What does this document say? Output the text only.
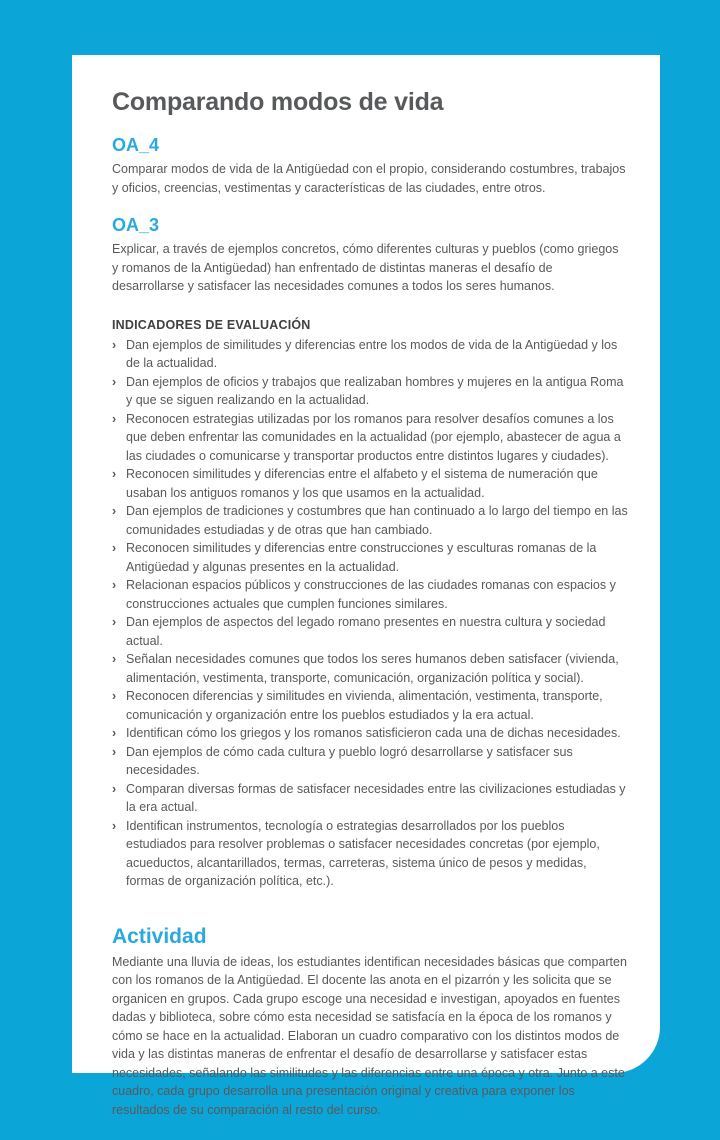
Comparando modos de vida
OA_4

Comparar modos de vida de la Antigüedad con el propio, considerando costumbres, trabajos y oficios, creencias, vestimentas y características de las ciudades, entre otros.

OA_3

Explicar, a través de ejemplos concretos, cómo diferentes culturas y pueblos (como griegos y romanos de la Antigüedad) han enfrentado de distintas maneras el desafío de desarrollarse y satisfacer las necesidades comunes a todos los seres humanos.

INDICADORES DE EVALUACIÓN
› Dan ejemplos de similitudes y diferencias entre los modos de vida de la Antigüedad y los de la actualidad.
› Dan ejemplos de oficios y trabajos que realizaban hombres y mujeres en la antigua Roma y que se siguen realizando en la actualidad.
› Reconocen estrategias utilizadas por los romanos para resolver desafíos comunes a los que deben enfrentar las comunidades en la actualidad (por ejemplo, abastecer de agua a las ciudades o comunicarse y transportar productos entre distintos lugares y ciudades).
› Reconocen similitudes y diferencias entre el alfabeto y el sistema de numeración que usaban los antiguos romanos y los que usamos en la actualidad.
› Dan ejemplos de tradiciones y costumbres que han continuado a lo largo del tiempo en las comunidades estudiadas y de otras que han cambiado.
› Reconocen similitudes y diferencias entre construcciones y esculturas romanas de la Antigüedad y algunas presentes en la actualidad.
› Relacionan espacios públicos y construcciones de las ciudades romanas con espacios y construcciones actuales que cumplen funciones similares.
› Dan ejemplos de aspectos del legado romano presentes en nuestra cultura y sociedad actual.
› Señalan necesidades comunes que todos los seres humanos deben satisfacer (vivienda, alimentación, vestimenta, transporte, comunicación, organización política y social).
› Reconocen diferencias y similitudes en vivienda, alimentación, vestimenta, transporte, comunicación y organización entre los pueblos estudiados y la era actual.
› Identifican cómo los griegos y los romanos satisficieron cada una de dichas necesidades.
› Dan ejemplos de cómo cada cultura y pueblo logró desarrollarse y satisfacer sus necesidades.
› Comparan diversas formas de satisfacer necesidades entre las civilizaciones estudiadas y la era actual.
› Identifican instrumentos, tecnología o estrategias desarrollados por los pueblos estudiados para resolver problemas o satisfacer necesidades concretas (por ejemplo, acueductos, alcantarillados, termas, carreteras, sistema único de pesos y medidas, formas de organización política, etc.).
Actividad

Mediante una lluvia de ideas, los estudiantes identifican necesidades básicas que comparten con los romanos de la Antigüedad. El docente las anota en el pizarrón y les solicita que se organicen en grupos. Cada grupo escoge una necesidad e investigan, apoyados en fuentes dadas y biblioteca, sobre cómo esta necesidad se satisfacía en la época de los romanos y cómo se hace en la actualidad. Elaboran un cuadro comparativo con los distintos modos de vida y las distintas maneras de enfrentar el desafío de desarrollarse y satisfacer estas necesidades, señalando las similitudes y las diferencias entre una época y otra. Junto a este cuadro, cada grupo desarrolla una presentación original y creativa para exponer los resultados de su comparación al resto del curso.
